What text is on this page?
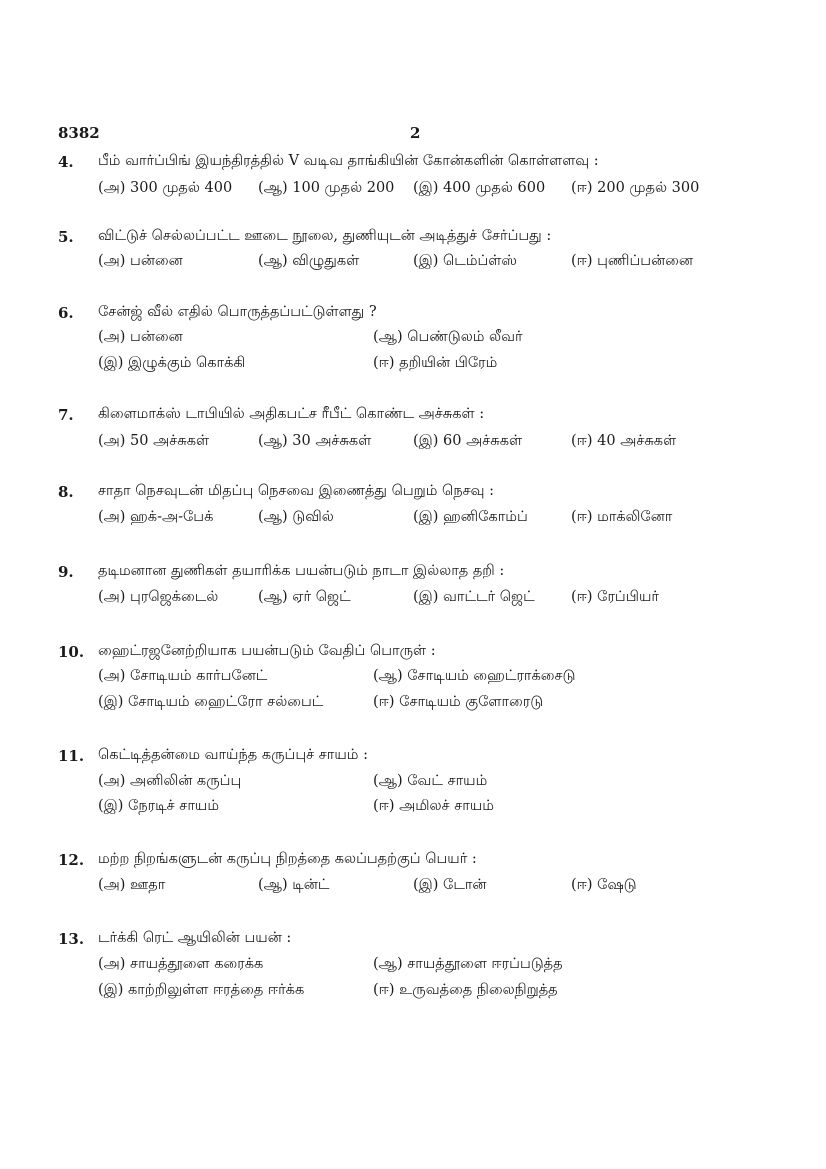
8382	2
4. பீம் வார்ப்பிங் இயந்திரத்தில் V வடிவ தாங்கியின் கோன்களின் கொள்ளளவு :
(அ) 300 முதல் 400 (ஆ) 100 முதல் 200 (இ) 400 முதல் 600 (ஈ) 200 முதல் 300
5. விட்டுச் செல்லப்பட்ட ஊடை நூலை, துணியுடன் அடித்துச் சேர்ப்பது :
(அ) பன்னை	(ஆ) விழுதுகள்	(இ) டெம்ப்ள்ஸ்	(ஈ) புணிப்பன்னை
6. சேன்ஜ் வீல் எதில் பொருத்தப்பட்டுள்ளது ?
(அ) பன்னை	(ஆ) பெண்டுலம் லீவர்
(இ) இழுக்கும் கொக்கி	(ஈ) தறியின் பிரேம்
7. கிளைமாக்ஸ் டாபியில் அதிகபட்ச ரீபீட் கொண்ட அச்சுகள் :
(அ) 50 அச்சுகள்	(ஆ) 30 அச்சுகள்	(இ) 60 அச்சுகள்	(ஈ) 40 அச்சுகள்
8. சாதா நெசவுடன் மிதப்பு நெசவை இணைத்து பெறும் நெசவு :
(அ) ஹக்-அ-பேக்	(ஆ) டுவில்	(இ) ஹனிகோம்ப்	(ஈ) மாக்லினோ
9. தடிமனான துணிகள் தயாரிக்க பயன்படும் நாடா இல்லாத தறி :
(அ) புரஜெக்டைல்	(ஆ) ஏர் ஜெட்	(இ) வாட்டர் ஜெட்	(ஈ) ரேப்பியர்
10. ஹைட்ரஜனேற்றியாக பயன்படும் வேதிப் பொருள் :
(அ) சோடியம் கார்பனேட்	(ஆ) சோடியம் ஹைட்ராக்சைடு
(இ) சோடியம் ஹைட்ரோ சல்பைட்	(ஈ) சோடியம் குளோரைடு
11. கெட்டித்தன்மை வாய்ந்த கருப்புச் சாயம் :
(அ) அனிலின் கருப்பு	(ஆ) வேட் சாயம்
(இ) நேரடிச் சாயம்	(ஈ) அமிலச் சாயம்
12. மற்ற நிறங்களுடன் கருப்பு நிறத்தை கலப்பதற்குப் பெயர் :
(அ) ஊதா	(ஆ) டின்ட்	(இ) டோன்	(ஈ) ஷேடு
13. டர்க்கி ரெட் ஆயிலின் பயன் :
(அ) சாயத்தூளை கரைக்க	(ஆ) சாயத்தூளை ஈரப்படுத்த
(இ) காற்றிலுள்ள ஈரத்தை ஈர்க்க	(ஈ) உருவத்தை நிலைநிறுத்த
